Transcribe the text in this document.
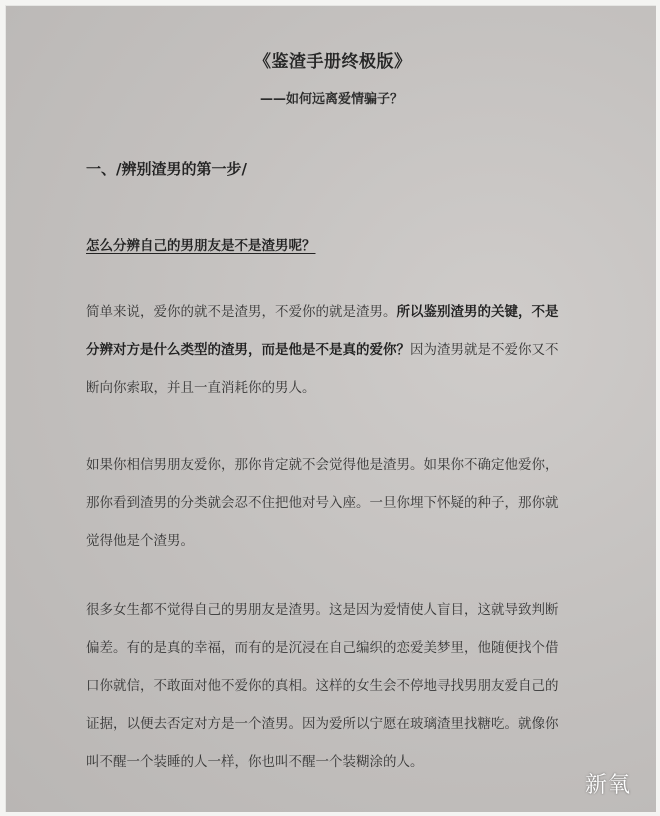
《鉴渣手册终极版》
——如何远离爱情骗子？
一、/辨别渣男的第一步/
怎么分辨自己的男朋友是不是渣男呢？
简单来说，爱你的就不是渣男，不爱你的就是渣男。所以鉴别渣男的关键，不是
分辨对方是什么类型的渣男，而是他是不是真的爱你？因为渣男就是不爱你又不
断向你索取，并且一直消耗你的男人。
如果你相信男朋友爱你，那你肯定就不会觉得他是渣男。如果你不确定他爱你，
那你看到渣男的分类就会忍不住把他对号入座。一旦你埋下怀疑的种子，那你就
觉得他是个渣男。
很多女生都不觉得自己的男朋友是渣男。这是因为爱情使人盲目，这就导致判断
偏差。有的是真的幸福，而有的是沉浸在自己编织的恋爱美梦里，他随便找个借
口你就信，不敢面对他不爱你的真相。这样的女生会不停地寻找男朋友爱自己的
证据，以便去否定对方是一个渣男。因为爱所以宁愿在玻璃渣里找糖吃。就像你
叫不醒一个装睡的人一样，你也叫不醒一个装糊涂的人。
新氧
